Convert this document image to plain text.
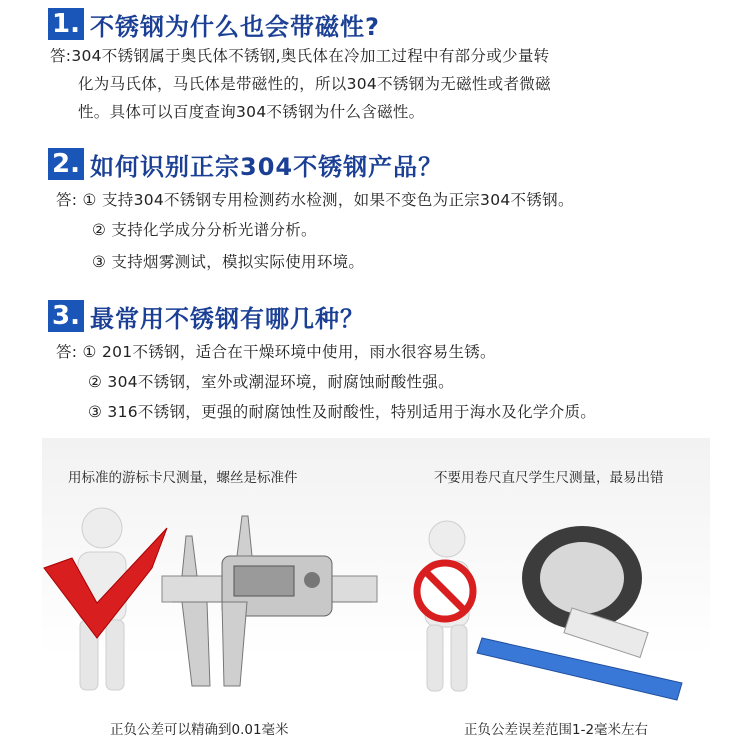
1. 不锈钢为什么也会带磁性?
答:304不锈钢属于奥氏体不锈钢,奥氏体在冷加工过程中有部分或少量转
化为马氏体，马氏体是带磁性的，所以304不锈钢为无磁性或者微磁
性。具体可以百度查询304不锈钢为什么含磁性。
2. 如何识别正宗304不锈钢产品？
答: ① 支持304不锈钢专用检测药水检测，如果不变色为正宗304不锈钢。
② 支持化学成分分析光谱分析。
③ 支持烟雾测试，模拟实际使用环境。
3. 最常用不锈钢有哪几种？
答: ① 201不锈钢，适合在干燥环境中使用，雨水很容易生锈。
② 304不锈钢，室外或潮湿环境，耐腐蚀耐酸性强。
③ 316不锈钢，更强的耐腐蚀性及耐酸性，特别适用于海水及化学介质。
用标准的游标卡尺测量，螺丝是标准件	不要用卷尺直尺学生尺测量，最易出错
正负公差可以精确到0.01毫米	正负公差误差范围1-2毫米左右
